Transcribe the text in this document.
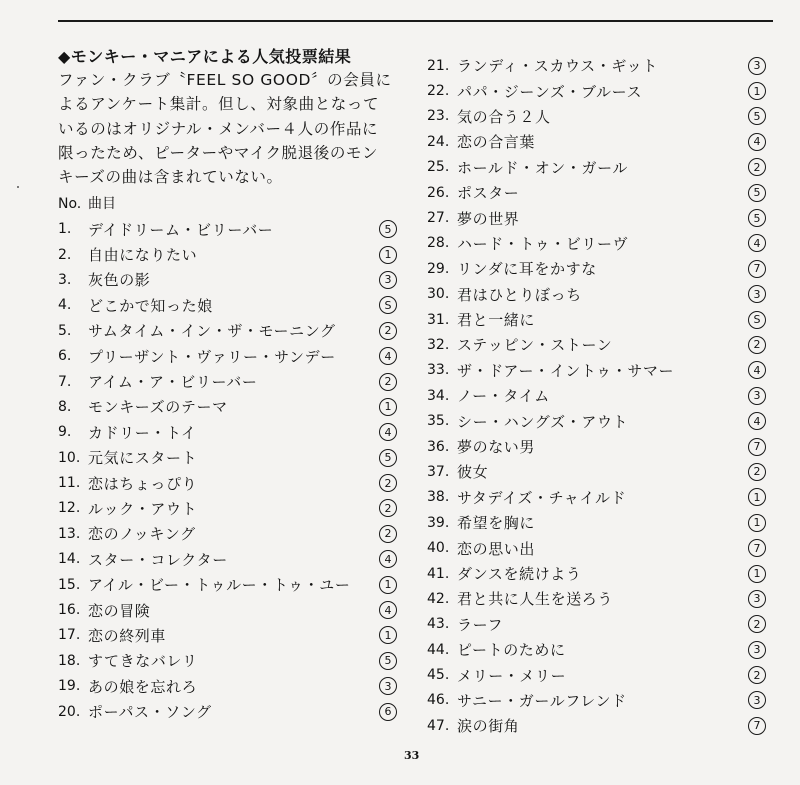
◆モンキー・マニアによる人気投票結果

ファン・クラブ〝FEEL SO GOOD〞の会員に

よるアンケート集計。但し、対象曲となって

いるのはオリジナル・メンバー４人の作品に

限ったため、ピーターやマイク脱退後のモン

キーズの曲は含まれていない。

No. 曲目
1.	デイドリーム・ビリーバー	5
2.	自由になりたい	1
3.	灰色の影	3
4.	どこかで知った娘	S
5.	サムタイム・イン・ザ・モーニング	2
6.	プリーザント・ヴァリー・サンデー	4
7.	アイム・ア・ビリーバー	2
8.	モンキーズのテーマ	1
9.	カドリー・トイ	4
10. 元気にスタート	5
11. 恋はちょっぴり	2
12. ルック・アウト	2
13. 恋のノッキング	2
14. スター・コレクター	4
15. アイル・ビー・トゥルー・トゥ・ユー	1
16. 恋の冒険	4
17. 恋の終列車	1
18. すてきなバレリ	5
19. あの娘を忘れろ	3
20. ポーパス・ソング	6
21. ランディ・スカウス・ギット	3
22. パパ・ジーンズ・ブルース	1
23. 気の合う２人	5
24. 恋の合言葉	4
25. ホールド・オン・ガール	2
26. ポスター	5
27. 夢の世界	5
28. ハード・トゥ・ビリーヴ	4
29. リンダに耳をかすな	7
30. 君はひとりぼっち	3
31. 君と一緒に	S
32. ステッピン・ストーン	2
33. ザ・ドアー・イントゥ・サマー	4
34. ノー・タイム	3
35. シー・ハングズ・アウト	4
36. 夢のない男	7
37. 彼女	2
38. サタデイズ・チャイルド	1
39. 希望を胸に	1
40. 恋の思い出	7
41. ダンスを続けよう	1
42. 君と共に人生を送ろう	3
43. ラーフ	2
44. ピートのために	3
45. メリー・メリー	2
46. サニー・ガールフレンド	3
47. 涙の街角	7
33
